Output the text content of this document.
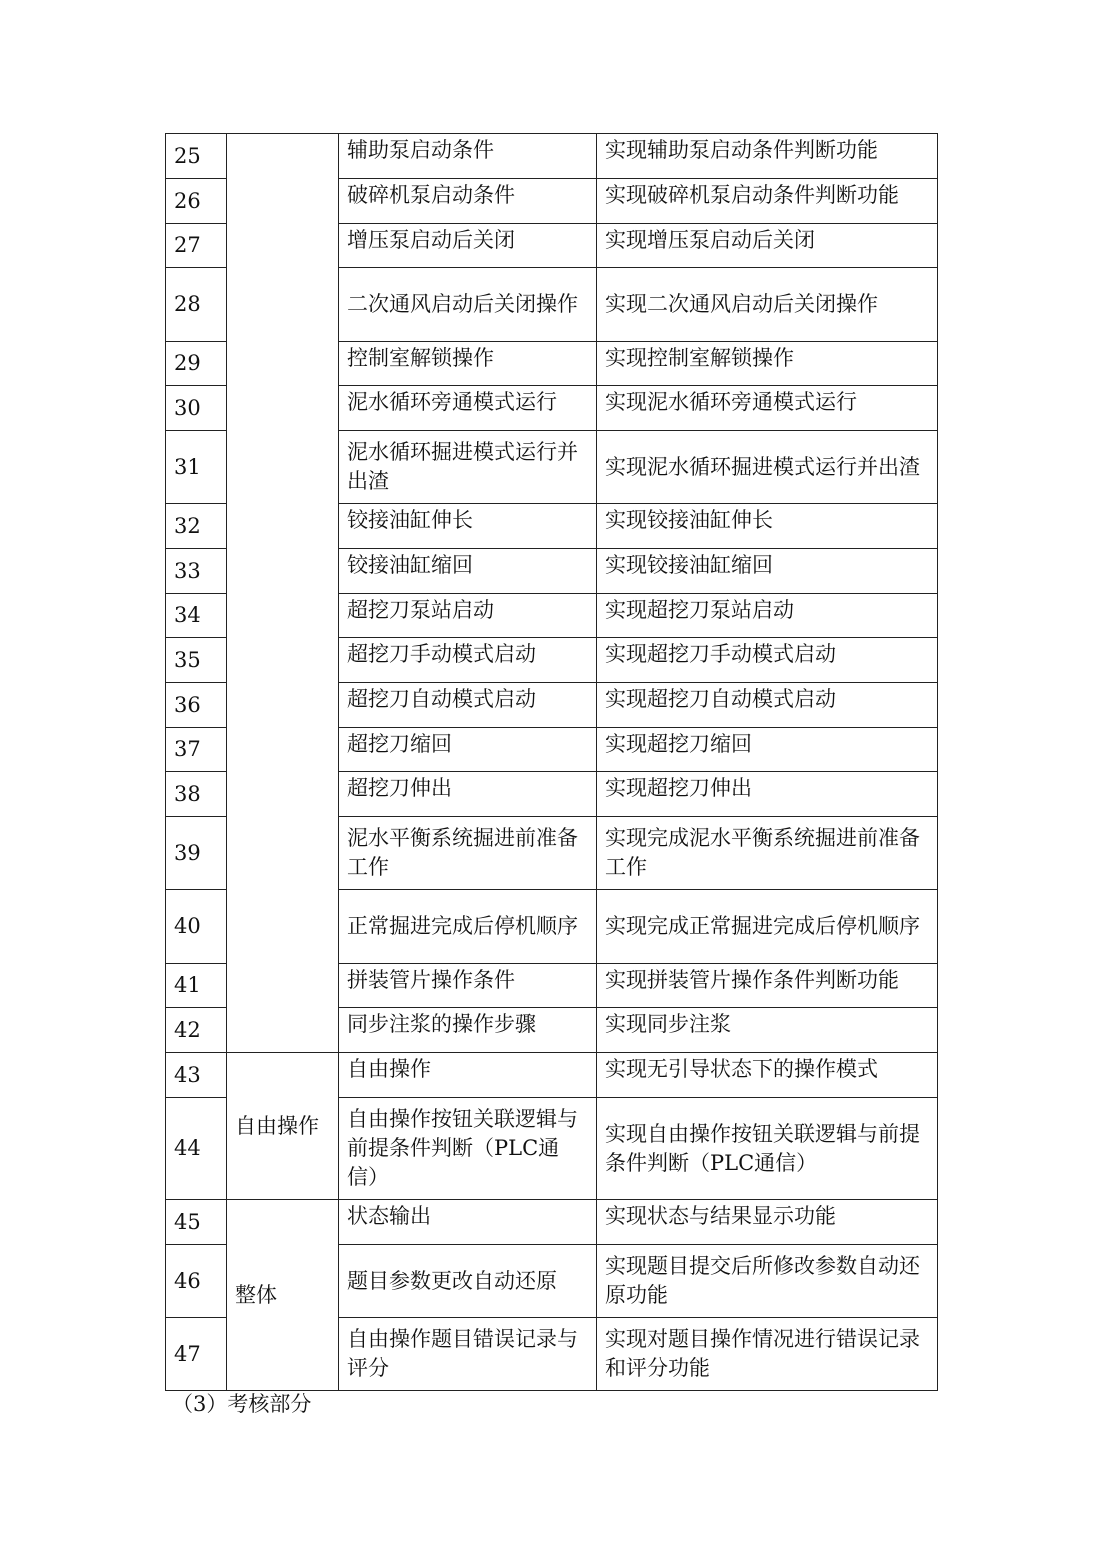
25		辅助泵启动条件	实现辅助泵启动条件判断功能
26		破碎机泵启动条件	实现破碎机泵启动条件判断功能
27		增压泵启动后关闭	实现增压泵启动后关闭
28		二次通风启动后关闭操作	实现二次通风启动后关闭操作
29		控制室解锁操作	实现控制室解锁操作
30		泥水循环旁通模式运行	实现泥水循环旁通模式运行
31		泥水循环掘进模式运行并出渣	实现泥水循环掘进模式运行并出渣
32		铰接油缸伸长	实现铰接油缸伸长
33		铰接油缸缩回	实现铰接油缸缩回
34		超挖刀泵站启动	实现超挖刀泵站启动
35		超挖刀手动模式启动	实现超挖刀手动模式启动
36		超挖刀自动模式启动	实现超挖刀自动模式启动
37		超挖刀缩回	实现超挖刀缩回
38		超挖刀伸出	实现超挖刀伸出
39		泥水平衡系统掘进前准备工作	实现完成泥水平衡系统掘进前准备工作
40		正常掘进完成后停机顺序	实现完成正常掘进完成后停机顺序
41		拼装管片操作条件	实现拼装管片操作条件判断功能
42		同步注浆的操作步骤	实现同步注浆
43	自由操作	自由操作	实现无引导状态下的操作模式
44		自由操作按钮关联逻辑与前提条件判断（PLC通信）	实现自由操作按钮关联逻辑与前提条件判断（PLC通信）
45	整体	状态输出	实现状态与结果显示功能
46		题目参数更改自动还原	实现题目提交后所修改参数自动还原功能
47		自由操作题目错误记录与评分	实现对题目操作情况进行错误记录和评分功能
（3）考核部分
